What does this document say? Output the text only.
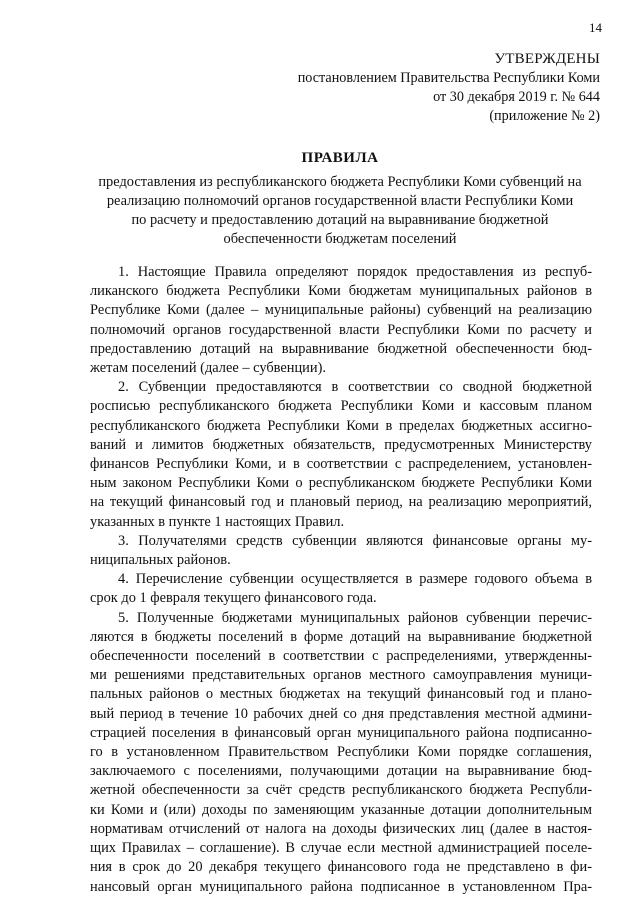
14
УТВЕРЖДЕНЫ
постановлением Правительства Республики Коми
от 30 декабря 2019 г. № 644
(приложение № 2)
ПРАВИЛА
предоставления из республиканского бюджета Республики Коми субвенций на
реализацию полномочий органов государственной власти Республики Коми
по расчету и предоставлению дотаций на выравнивание бюджетной
обеспеченности бюджетам поселений
1. Настоящие Правила определяют порядок предоставления из респуб-
ликанского бюджета Республики Коми бюджетам муниципальных районов в
Республике Коми (далее – муниципальные районы) субвенций на реализацию
полномочий органов государственной власти Республики Коми по расчету и
предоставлению дотаций на выравнивание бюджетной обеспеченности бюд-
жетам поселений (далее – субвенции).
2. Субвенции предоставляются в соответствии со сводной бюджетной
росписью республиканского бюджета Республики Коми и кассовым планом
республиканского бюджета Республики Коми в пределах бюджетных ассигно-
ваний и лимитов бюджетных обязательств, предусмотренных Министерству
финансов Республики Коми, и в соответствии с распределением, установлен-
ным законом Республики Коми о республиканском бюджете Республики Коми
на текущий финансовый год и плановый период, на реализацию мероприятий,
указанных в пункте 1 настоящих Правил.
3. Получателями средств субвенции являются финансовые органы му-
ниципальных районов.
4. Перечисление субвенции осуществляется в размере годового объема в
срок до 1 февраля текущего финансового года.
5. Полученные бюджетами муниципальных районов субвенции перечис-
ляются в бюджеты поселений в форме дотаций на выравнивание бюджетной
обеспеченности поселений в соответствии с распределениями, утвержденны-
ми решениями представительных органов местного самоуправления муници-
пальных районов о местных бюджетах на текущий финансовый год и плано-
вый период в течение 10 рабочих дней со дня представления местной админи-
страцией поселения в финансовый орган муниципального района подписанно-
го в установленном Правительством Республики Коми порядке соглашения,
заключаемого с поселениями, получающими дотации на выравнивание бюд-
жетной обеспеченности за счёт средств республиканского бюджета Республи-
ки Коми и (или) доходы по заменяющим указанные дотации дополнительным
нормативам отчислений от налога на доходы физических лиц (далее в настоя-
щих Правилах – соглашение). В случае если местной администрацией поселе-
ния в срок до 20 декабря текущего финансового года не представлено в фи-
нансовый орган муниципального района подписанное в установленном Пра-
